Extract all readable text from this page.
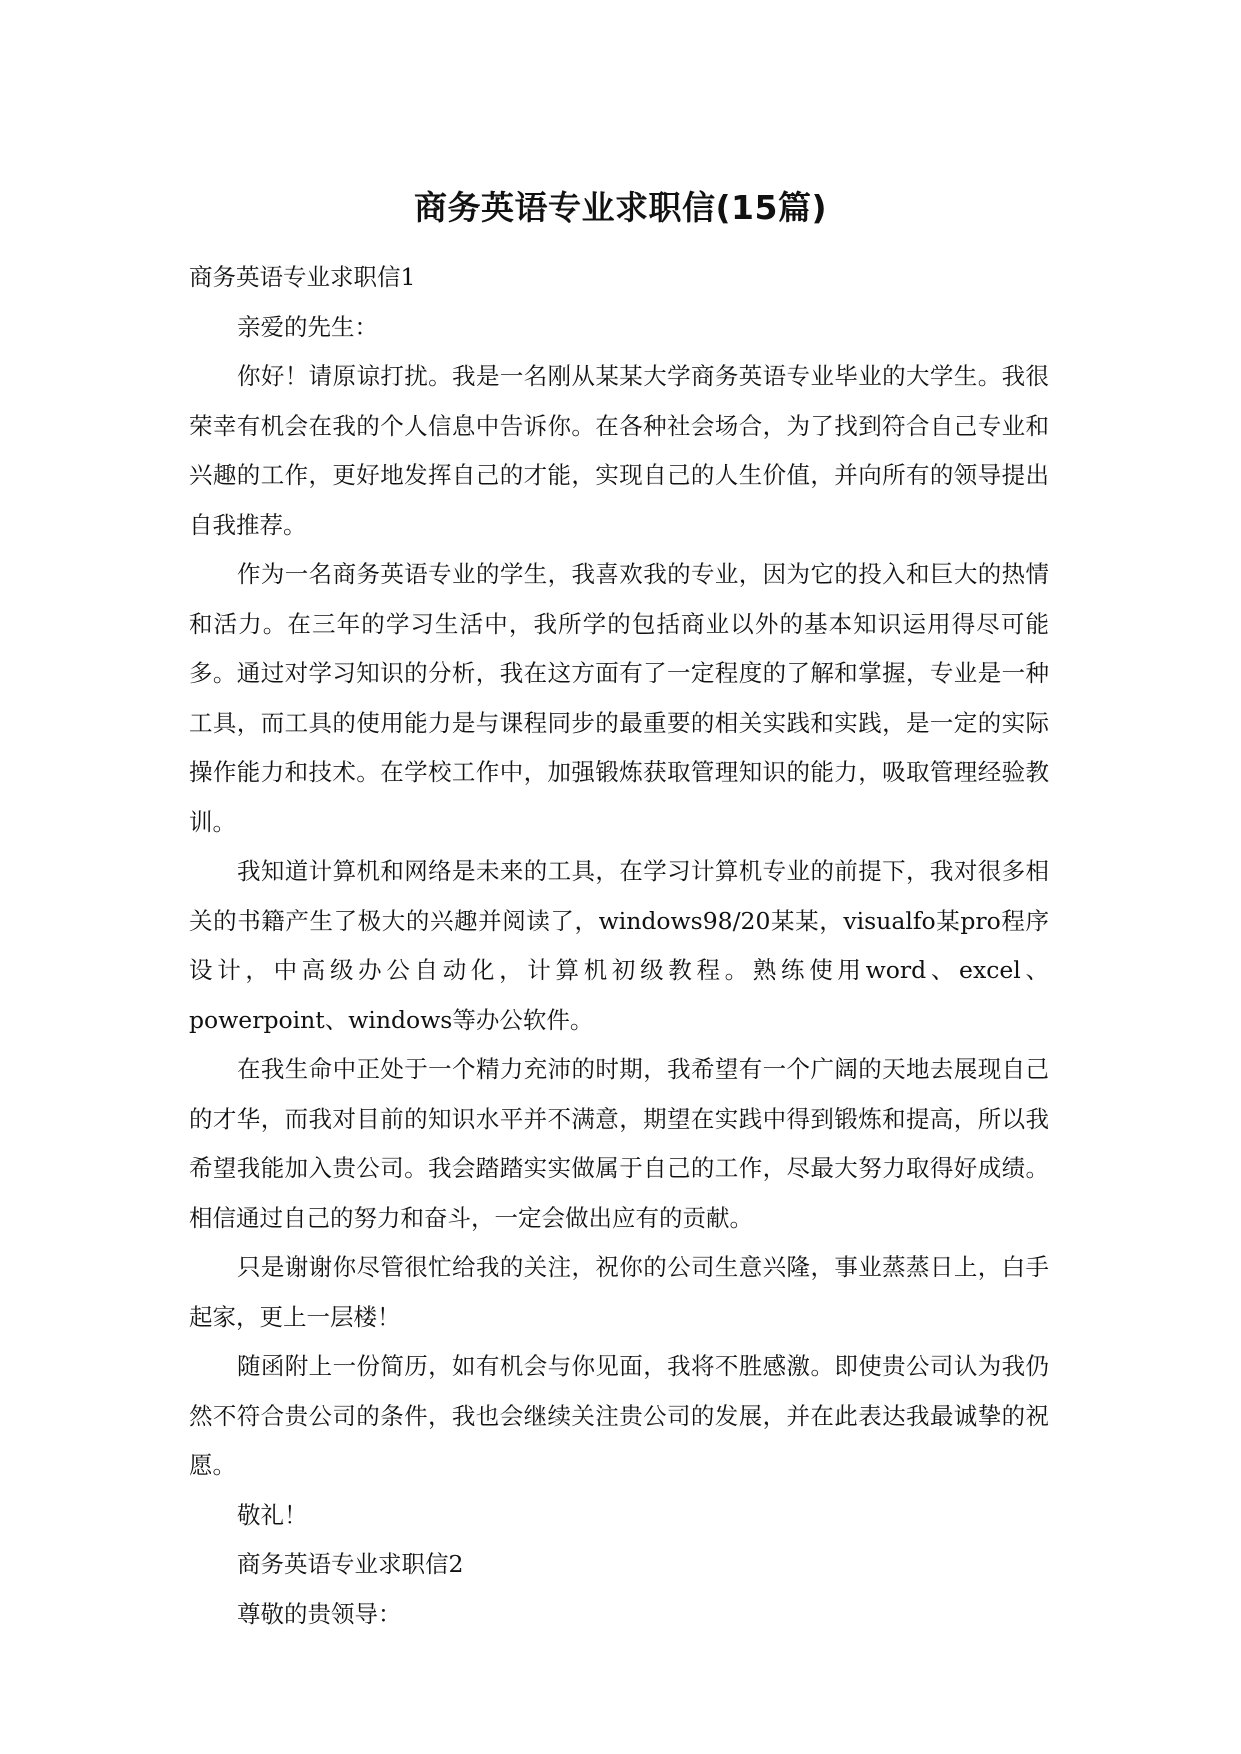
商务英语专业求职信(15篇)

商务英语专业求职信1

亲爱的先生：

你好！请原谅打扰。我是一名刚从某某大学商务英语专业毕业的大学生。我很荣幸有机会在我的个人信息中告诉你。在各种社会场合，为了找到符合自己专业和兴趣的工作，更好地发挥自己的才能，实现自己的人生价值，并向所有的领导提出自我推荐。

作为一名商务英语专业的学生，我喜欢我的专业，因为它的投入和巨大的热情和活力。在三年的学习生活中，我所学的包括商业以外的基本知识运用得尽可能多。通过对学习知识的分析，我在这方面有了一定程度的了解和掌握，专业是一种工具，而工具的使用能力是与课程同步的最重要的相关实践和实践，是一定的实际操作能力和技术。在学校工作中，加强锻炼获取管理知识的能力，吸取管理经验教训。

我知道计算机和网络是未来的工具，在学习计算机专业的前提下，我对很多相关的书籍产生了极大的兴趣并阅读了，windows98/20某某，visualfo某pro程序设计，中高级办公自动化，计算机初级教程。熟练使用word、excel、powerpoint、windows等办公软件。

在我生命中正处于一个精力充沛的时期，我希望有一个广阔的天地去展现自己的才华，而我对目前的知识水平并不满意，期望在实践中得到锻炼和提高，所以我希望我能加入贵公司。我会踏踏实实做属于自己的工作，尽最大努力取得好成绩。相信通过自己的努力和奋斗，一定会做出应有的贡献。

只是谢谢你尽管很忙给我的关注，祝你的公司生意兴隆，事业蒸蒸日上，白手起家，更上一层楼！

随函附上一份简历，如有机会与你见面，我将不胜感激。即使贵公司认为我仍然不符合贵公司的条件，我也会继续关注贵公司的发展，并在此表达我最诚挚的祝愿。

敬礼！

商务英语专业求职信2

尊敬的贵领导：
